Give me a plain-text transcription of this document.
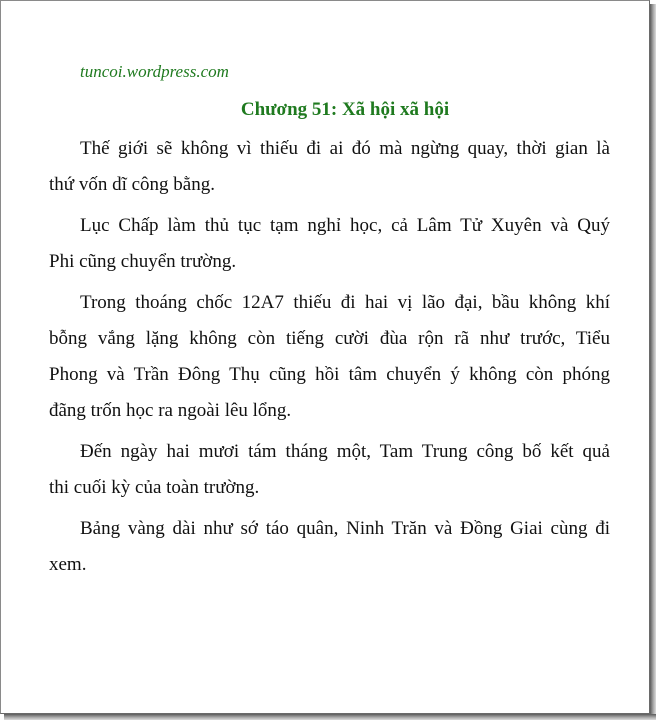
tuncoi.wordpress.com
Chương 51: Xã hội xã hội
Thế giới sẽ không vì thiếu đi ai đó mà ngừng quay, thời gian là
thứ vốn dĩ công bằng.
Lục Chấp làm thủ tục tạm nghỉ học, cả Lâm Tử Xuyên và Quý
Phi cũng chuyển trường.
Trong thoáng chốc 12A7 thiếu đi hai vị lão đại, bầu không khí
bỗng vắng lặng không còn tiếng cười đùa rộn rã như trước, Tiểu
Phong và Trần Đông Thụ cũng hồi tâm chuyển ý không còn phóng
đãng trốn học ra ngoài lêu lổng.
Đến ngày hai mươi tám tháng một, Tam Trung công bố kết quả
thi cuối kỳ của toàn trường.
Bảng vàng dài như sớ táo quân, Ninh Trăn và Đồng Giai cùng đi
xem.
